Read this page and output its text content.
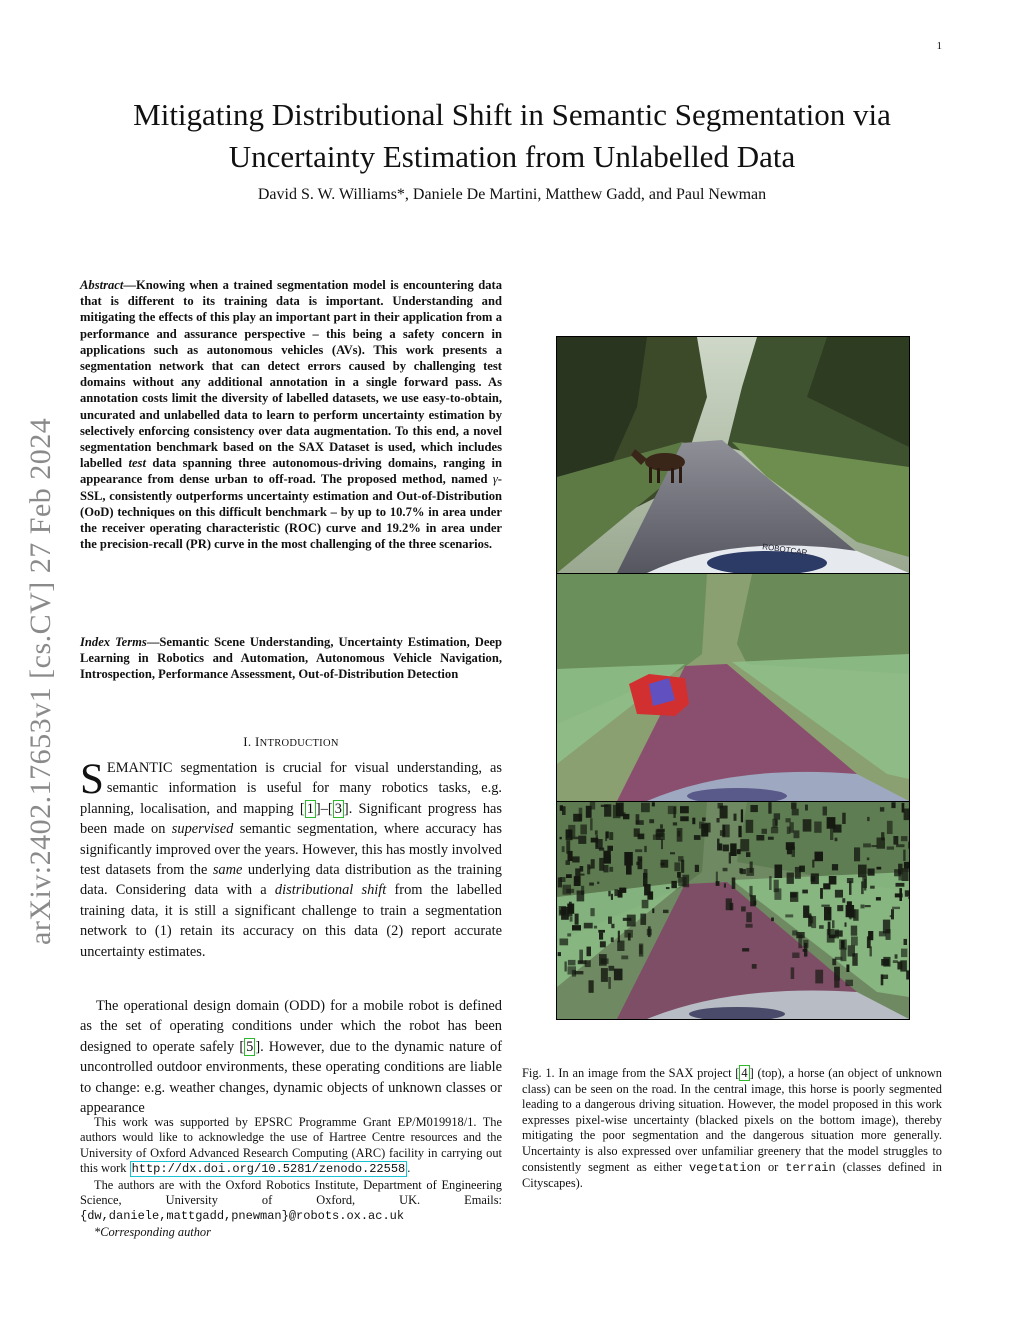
1
arXiv:2402.17653v1 [cs.CV] 27 Feb 2024
Mitigating Distributional Shift in Semantic Segmentation via
Uncertainty Estimation from Unlabelled Data
David S. W. Williams*, Daniele De Martini, Matthew Gadd, and Paul Newman

Abstract—Knowing when a trained segmentation model is encountering data that is different to its training data is important. Understanding and mitigating the effects of this play an important part in their application from a performance and assurance perspective – this being a safety concern in applications such as autonomous vehicles (AVs). This work presents a segmentation network that can detect errors caused by challenging test domains without any additional annotation in a single forward pass. As annotation costs limit the diversity of labelled datasets, we use easy-to-obtain, uncurated and unlabelled data to learn to perform uncertainty estimation by selectively enforcing consistency over data augmentation. To this end, a novel segmentation benchmark based on the SAX Dataset is used, which includes labelled test data spanning three autonomous-driving domains, ranging in appearance from dense urban to off-road. The proposed method, named γ-SSL, consistently outperforms uncertainty estimation and Out-of-Distribution (OoD) techniques on this difficult benchmark – by up to 10.7% in area under the receiver operating characteristic (ROC) curve and 19.2% in area under the precision-recall (PR) curve in the most challenging of the three scenarios.

Index Terms—Semantic Scene Understanding, Uncertainty Estimation, Deep Learning in Robotics and Automation, Autonomous Vehicle Navigation, Introspection, Performance Assessment, Out-of-Distribution Detection

I. INTRODUCTION

SEMANTIC segmentation is crucial for visual understanding, as semantic information is useful for many robotics tasks, e.g. planning, localisation, and mapping [ 1 ]–[ 3 ]. Significant progress has been made on supervised semantic segmentation, where accuracy has significantly improved over the years. However, this has mostly involved test datasets from the same underlying data distribution as the training data. Considering data with a distributional shift from the labelled training data, it is still a significant challenge to train a segmentation network to (1) retain its accuracy on this data (2) report accurate uncertainty estimates.

The operational design domain (ODD) for a mobile robot is defined as the set of operating conditions under which the robot has been designed to operate safely [ 5 ]. However, due to the dynamic nature of uncontrolled outdoor environments, these operating conditions are liable to change: e.g. weather changes, dynamic objects of unknown classes or appearance

This work was supported by EPSRC Programme Grant EP/M019918/1. The authors would like to acknowledge the use of Hartree Centre resources and the University of Oxford Advanced Research Computing (ARC) facility in carrying out this work http://dx.doi.org/10.5281/zenodo.22558 .

The authors are with the Oxford Robotics Institute, Department of Engineering Science, University of Oxford, UK. Emails: {dw,daniele,mattgadd,pnewman}@robots.ox.ac.uk

*Corresponding author

ROBOTCAR

Fig. 1. In an image from the SAX project [ 4 ] (top), a horse (an object of unknown class) can be seen on the road. In the central image, this horse is poorly segmented leading to a dangerous driving situation. However, the model proposed in this work expresses pixel-wise uncertainty (blacked pixels on the bottom image), thereby mitigating the poor segmentation and the dangerous situation more generally. Uncertainty is also expressed over unfamiliar greenery that the model struggles to consistently segment as either vegetation or terrain (classes defined in Cityscapes).
